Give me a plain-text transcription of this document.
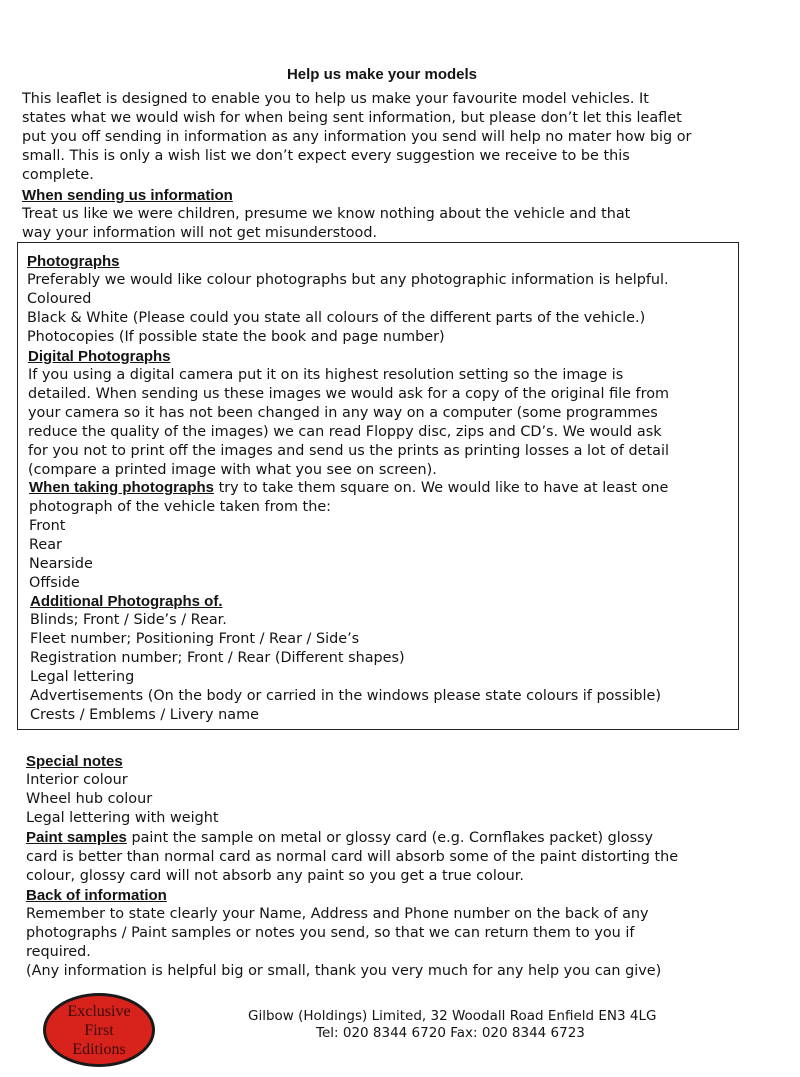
Help us make your models

This leaflet is designed to enable you to help us make your favourite model vehicles. It

states what we would wish for when being sent information, but please don’t let this leaflet

put you off sending in information as any information you send will help no mater how big or

small. This is only a wish list we don’t expect every suggestion we receive to be this

complete.

When sending us information

Treat us like we were children, presume we know nothing about the vehicle and that

way your information will not get misunderstood.

Photographs

Preferably we would like colour photographs but any photographic information is helpful.

Coloured

Black & White (Please could you state all colours of the different parts of the vehicle.)

Photocopies (If possible state the book and page number)

Digital Photographs

If you using a digital camera put it on its highest resolution setting so the image is

detailed. When sending us these images we would ask for a copy of the original file from

your camera so it has not been changed in any way on a computer (some programmes

reduce the quality of the images) we can read Floppy disc, zips and CD’s. We would ask

for you not to print off the images and send us the prints as printing losses a lot of detail

(compare a printed image with what you see on screen).

When taking photographs try to take them square on. We would like to have at least one

photograph of the vehicle taken from the:

Front

Rear

Nearside

Offside

Additional Photographs of.

Blinds; Front / Side’s / Rear.

Fleet number; Positioning Front / Rear / Side’s

Registration number; Front / Rear (Different shapes)

Legal lettering

Advertisements (On the body or carried in the windows please state colours if possible)

Crests / Emblems / Livery name

Special notes

Interior colour

Wheel hub colour

Legal lettering with weight

Paint samples paint the sample on metal or glossy card (e.g. Cornflakes packet) glossy

card is better than normal card as normal card will absorb some of the paint distorting the

colour, glossy card will not absorb any paint so you get a true colour.

Back of information

Remember to state clearly your Name, Address and Phone number on the back of any

photographs / Paint samples or notes you send, so that we can return them to you if

required.

(Any information is helpful big or small, thank you very much for any help you can give)

Exclusive
First
Editions
Gilbow (Holdings) Limited, 32 Woodall Road Enfield EN3 4LG
Tel: 020 8344 6720 Fax: 020 8344 6723
